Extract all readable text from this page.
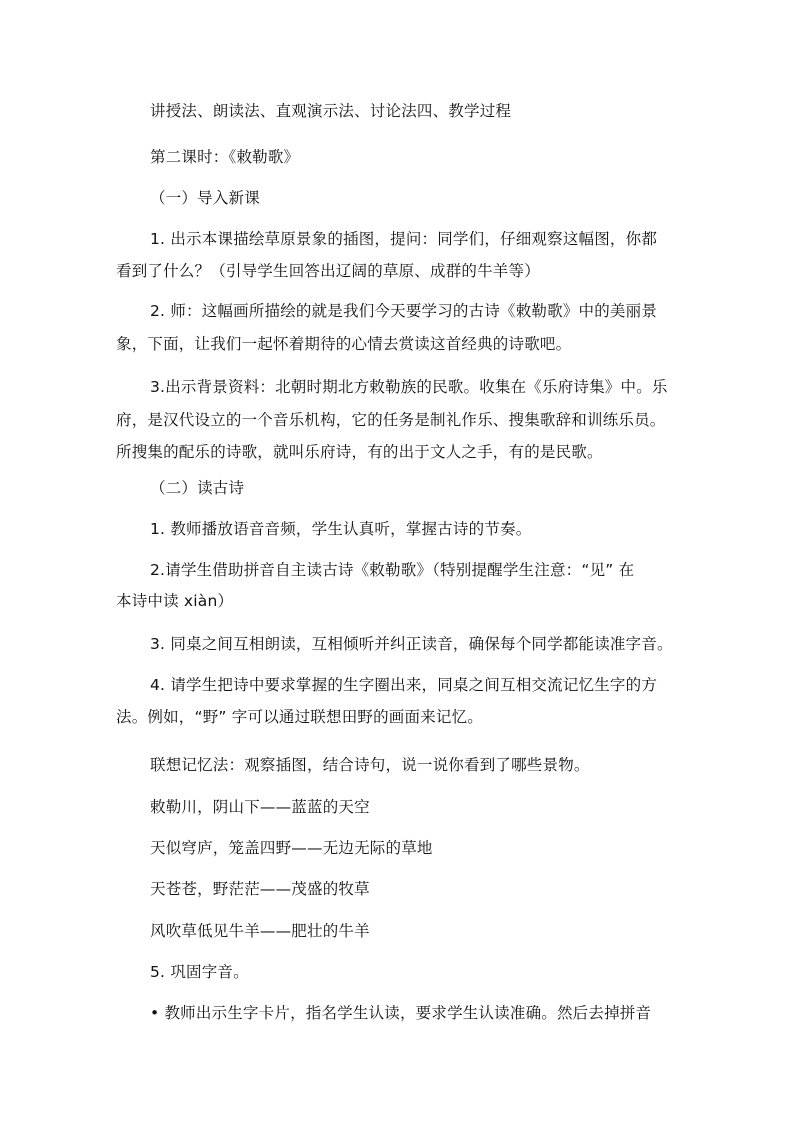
讲授法、朗读法、直观演示法、讨论法四、教学过程
第二课时：《敕勒歌》
（一）导入新课
1. 出示本课描绘草原景象的插图，提问：同学们，仔细观察这幅图，你都
看到了什么？（引导学生回答出辽阔的草原、成群的牛羊等）
2. 师：这幅画所描绘的就是我们今天要学习的古诗《敕勒歌》中的美丽景
象，下面，让我们一起怀着期待的心情去赏读这首经典的诗歌吧。
3.出示背景资料：北朝时期北方敕勒族的民歌。收集在《乐府诗集》中。乐
府，是汉代设立的一个音乐机构，它的任务是制礼作乐、搜集歌辞和训练乐员。
所搜集的配乐的诗歌，就叫乐府诗，有的出于文人之手，有的是民歌。
（二）读古诗
1. 教师播放语音音频，学生认真听，掌握古诗的节奏。
2.请学生借助拼音自主读古诗《敕勒歌》（特别提醒学生注意：“见” 在
本诗中读 xiàn）
3. 同桌之间互相朗读，互相倾听并纠正读音，确保每个同学都能读准字音。
4. 请学生把诗中要求掌握的生字圈出来，同桌之间互相交流记忆生字的方
法。例如，“野” 字可以通过联想田野的画面来记忆。
联想记忆法：观察插图，结合诗句，说一说你看到了哪些景物。
敕勒川，阴山下——蓝蓝的天空
天似穹庐，笼盖四野——无边无际的草地
天苍苍，野茫茫——茂盛的牧草
风吹草低见牛羊——肥壮的牛羊
5. 巩固字音。
• 教师出示生字卡片，指名学生认读，要求学生认读准确。然后去掉拼音
